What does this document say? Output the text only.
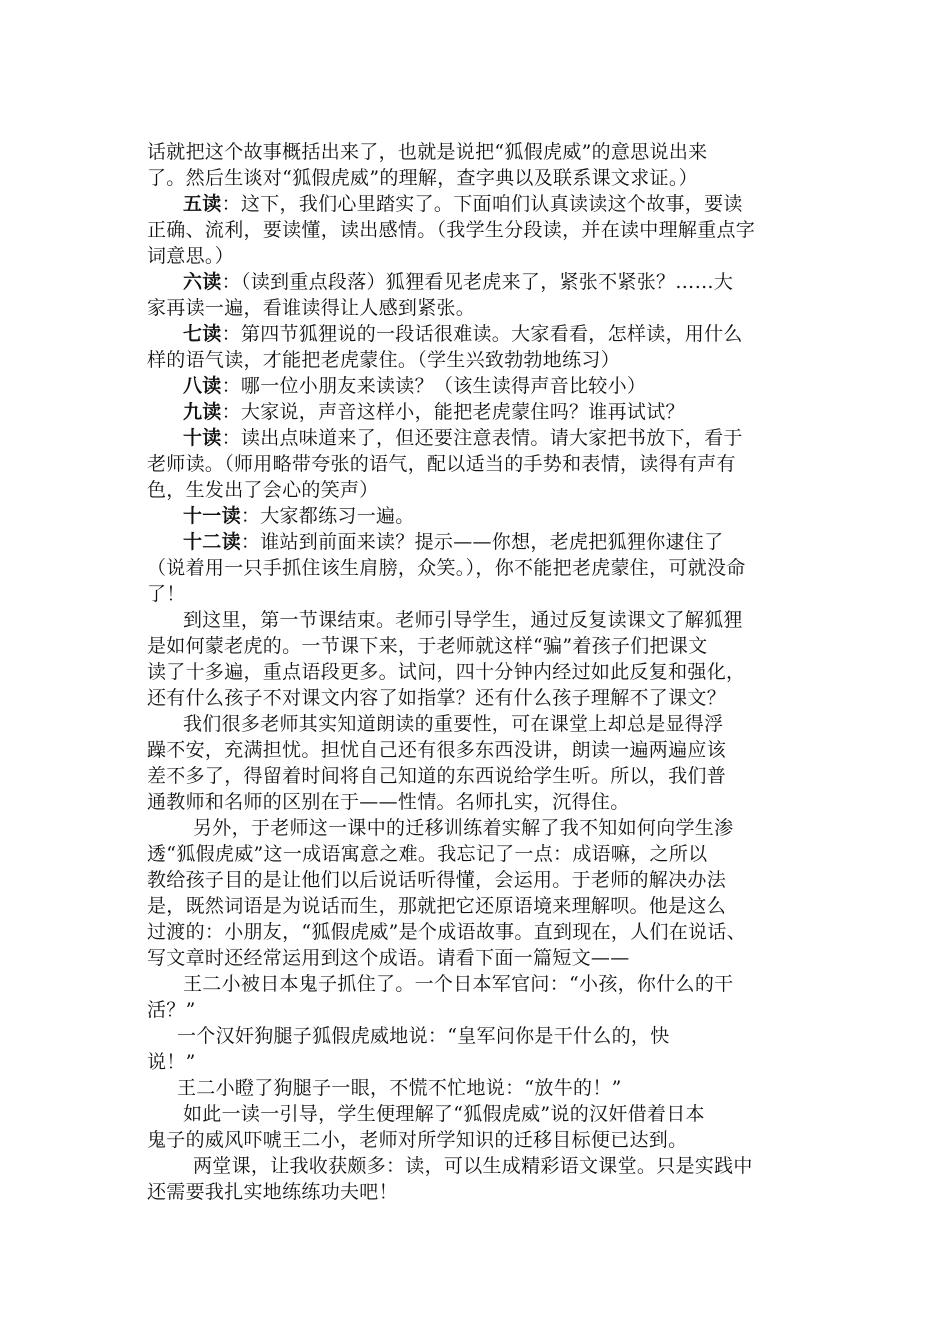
话就把这个故事概括出来了，也就是说把“狐假虎威”的意思说出来
了。然后生谈对“狐假虎威”的理解，查字典以及联系课文求证。）
五读：这下，我们心里踏实了。下面咱们认真读读这个故事，要读
正确、流利，要读懂，读出感情。（我学生分段读，并在读中理解重点字
词意思。）
六读：（读到重点段落）狐狸看见老虎来了，紧张不紧张？……大
家再读一遍，看谁读得让人感到紧张。
七读：第四节狐狸说的一段话很难读。大家看看，怎样读，用什么
样的语气读，才能把老虎蒙住。（学生兴致勃勃地练习）
八读：哪一位小朋友来读读？（该生读得声音比较小）
九读：大家说，声音这样小，能把老虎蒙住吗？谁再试试？
十读：读出点味道来了，但还要注意表情。请大家把书放下，看于
老师读。（师用略带夸张的语气，配以适当的手势和表情，读得有声有
色，生发出了会心的笑声）
十一读：大家都练习一遍。
十二读：谁站到前面来读？提示——你想，老虎把狐狸你逮住了
（说着用一只手抓住该生肩膀，众笑。），你不能把老虎蒙住，可就没命
了！
到这里，第一节课结束。老师引导学生，通过反复读课文了解狐狸
是如何蒙老虎的。一节课下来，于老师就这样“骗”着孩子们把课文
读了十多遍，重点语段更多。试问，四十分钟内经过如此反复和强化，
还有什么孩子不对课文内容了如指掌？还有什么孩子理解不了课文？
我们很多老师其实知道朗读的重要性，可在课堂上却总是显得浮
躁不安，充满担忧。担忧自己还有很多东西没讲，朗读一遍两遍应该
差不多了，得留着时间将自己知道的东西说给学生听。所以，我们普
通教师和名师的区别在于——性情。名师扎实，沉得住。
另外，于老师这一课中的迁移训练着实解了我不知如何向学生渗
透“狐假虎威”这一成语寓意之难。我忘记了一点：成语嘛，之所以
教给孩子目的是让他们以后说话听得懂，会运用。于老师的解决办法
是，既然词语是为说话而生，那就把它还原语境来理解呗。他是这么
过渡的：小朋友，“狐假虎威”是个成语故事。直到现在，人们在说话、
写文章时还经常运用到这个成语。请看下面一篇短文——
王二小被日本鬼子抓住了。一个日本军官问：“小孩，你什么的干
活？”
一个汉奸狗腿子狐假虎威地说：“皇军问你是干什么的，快
说！”
王二小瞪了狗腿子一眼，不慌不忙地说：“放牛的！”
如此一读一引导，学生便理解了“狐假虎威”说的汉奸借着日本
鬼子的威风吓唬王二小，老师对所学知识的迁移目标便已达到。
两堂课，让我收获颇多：读，可以生成精彩语文课堂。只是实践中
还需要我扎实地练练功夫吧！
